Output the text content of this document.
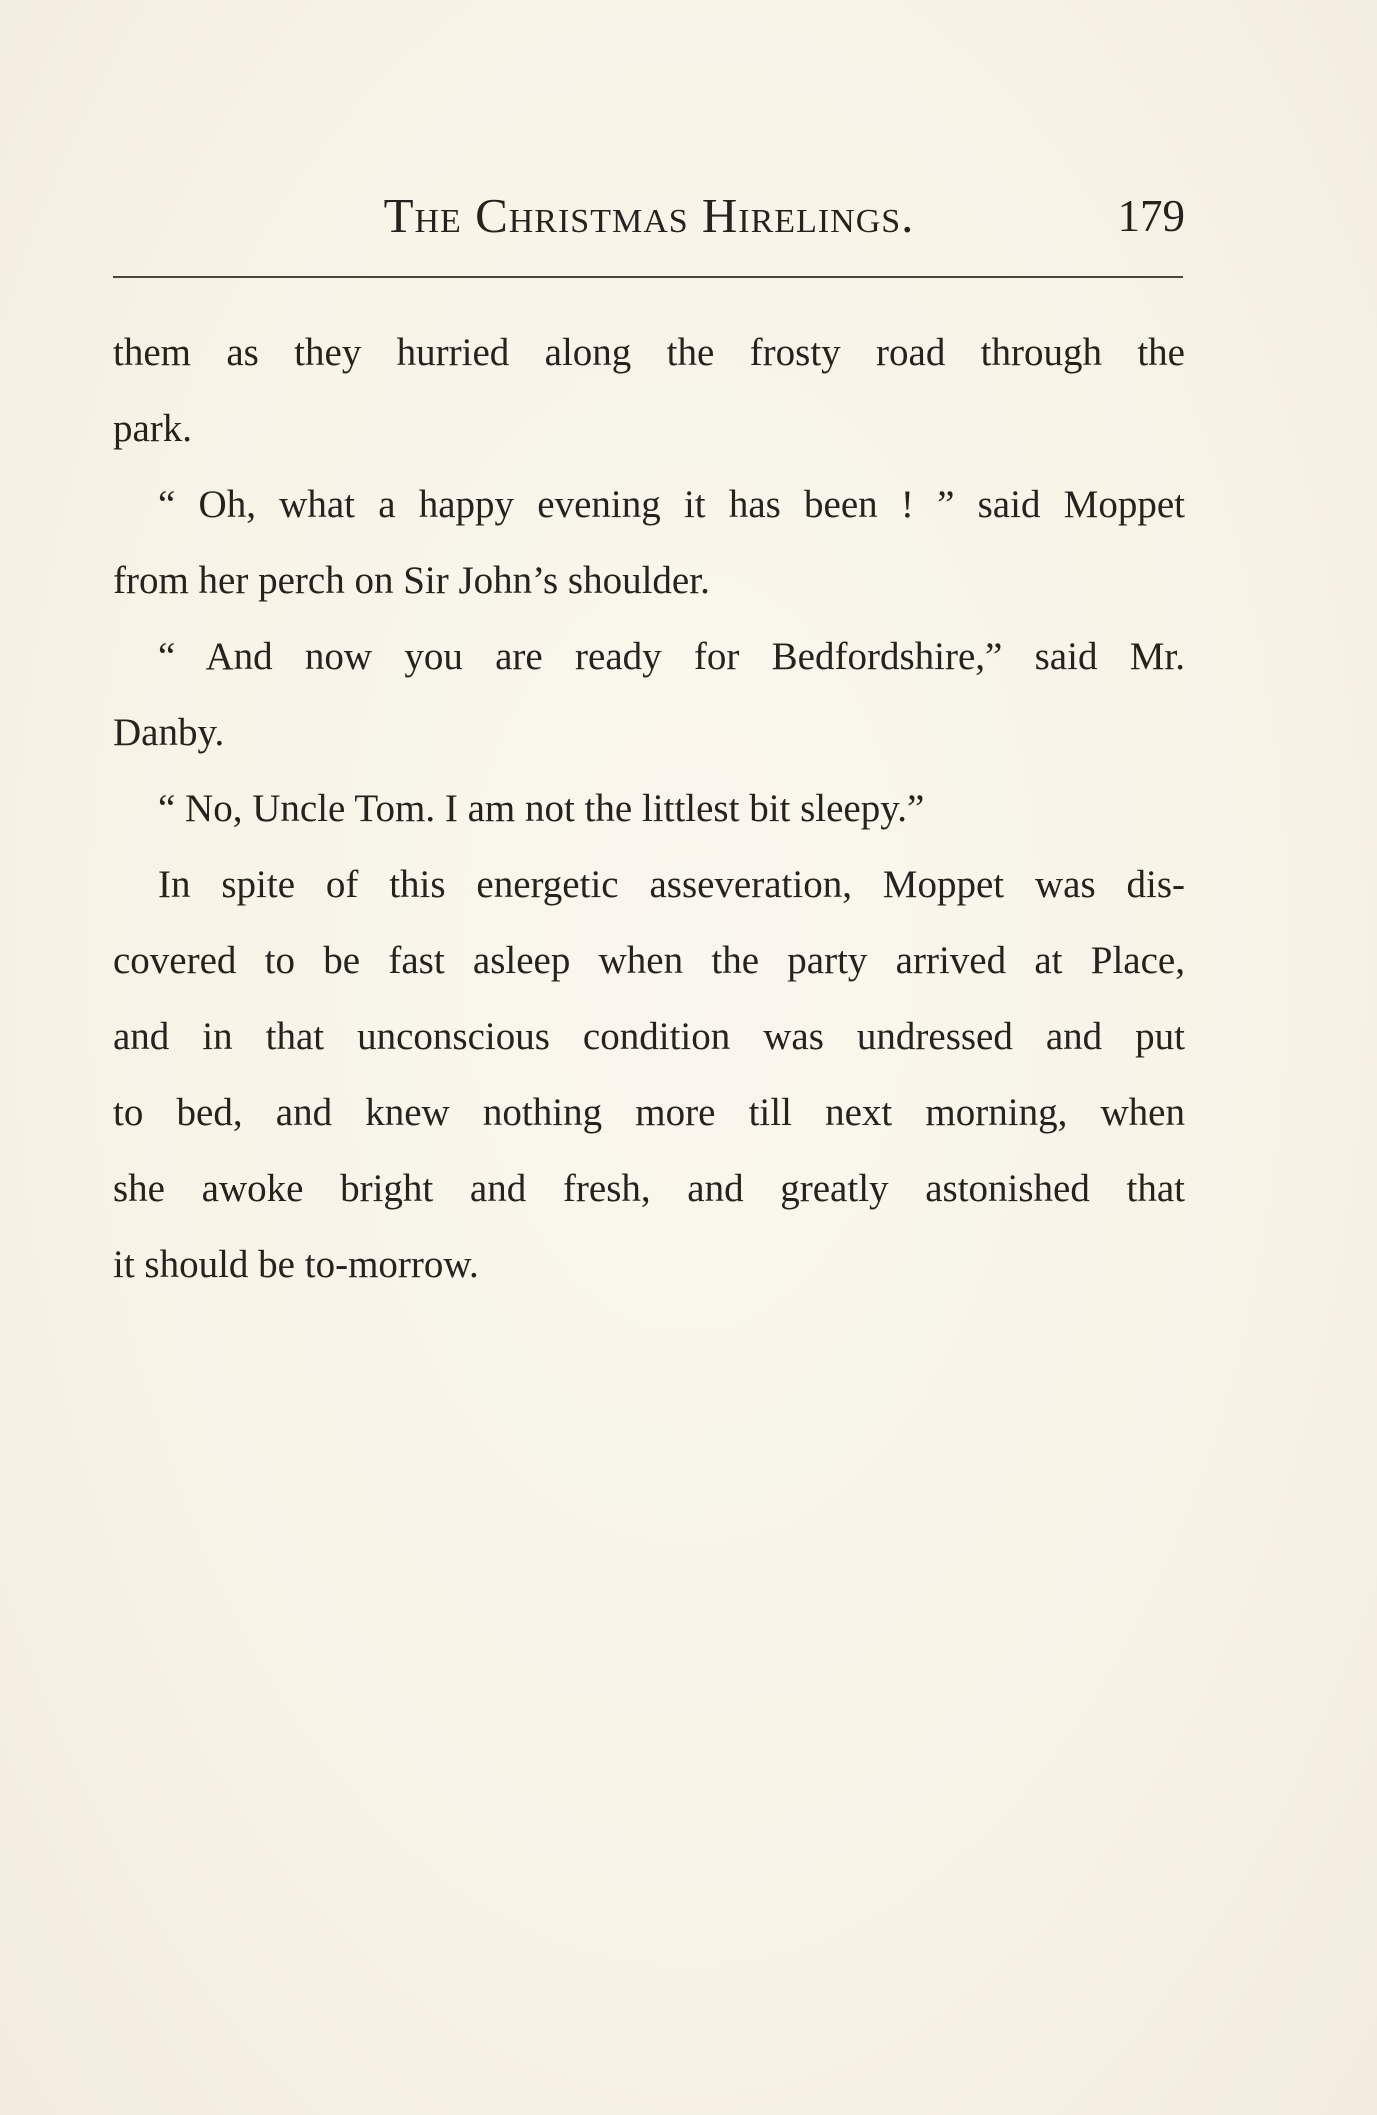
The Christmas Hirelings.	179
them as they hurried along the frosty road through the
park.
“ Oh, what a happy evening it has been ! ” said Moppet
from her perch on Sir John’s shoulder.
“ And now you are ready for Bedfordshire,” said Mr.
Danby.
“ No, Uncle Tom. I am not the littlest bit sleepy.”
In spite of this energetic asseveration, Moppet was dis-
covered to be fast asleep when the party arrived at Place,
and in that unconscious condition was undressed and put
to bed, and knew nothing more till next morning, when
she awoke bright and fresh, and greatly astonished that
it should be to-morrow.
